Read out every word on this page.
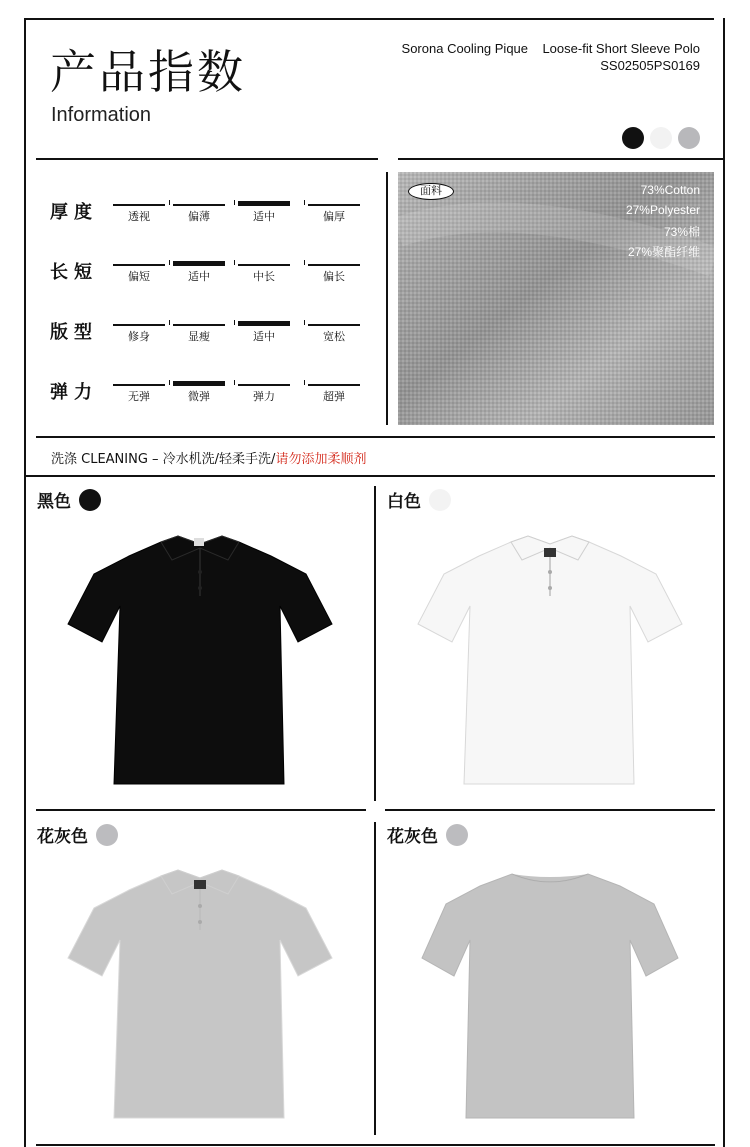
产品指数
Information
Sorona Cooling Pique    Loose-fit Short Sleeve Polo
SS02505PS0169
厚度	透视	偏薄	适中	偏厚
长短	偏短	适中	中长	偏长
版型	修身	显瘦	适中	宽松
弹力	无弹	微弹	弹力	超弹
面料	73%Cotton
27%Polyester
73%棉
27%聚酯纤维
洗涤 CLEANING – 冷水机洗/轻柔手洗/请勿添加柔顺剂
黑色	白色
花灰色	花灰色
